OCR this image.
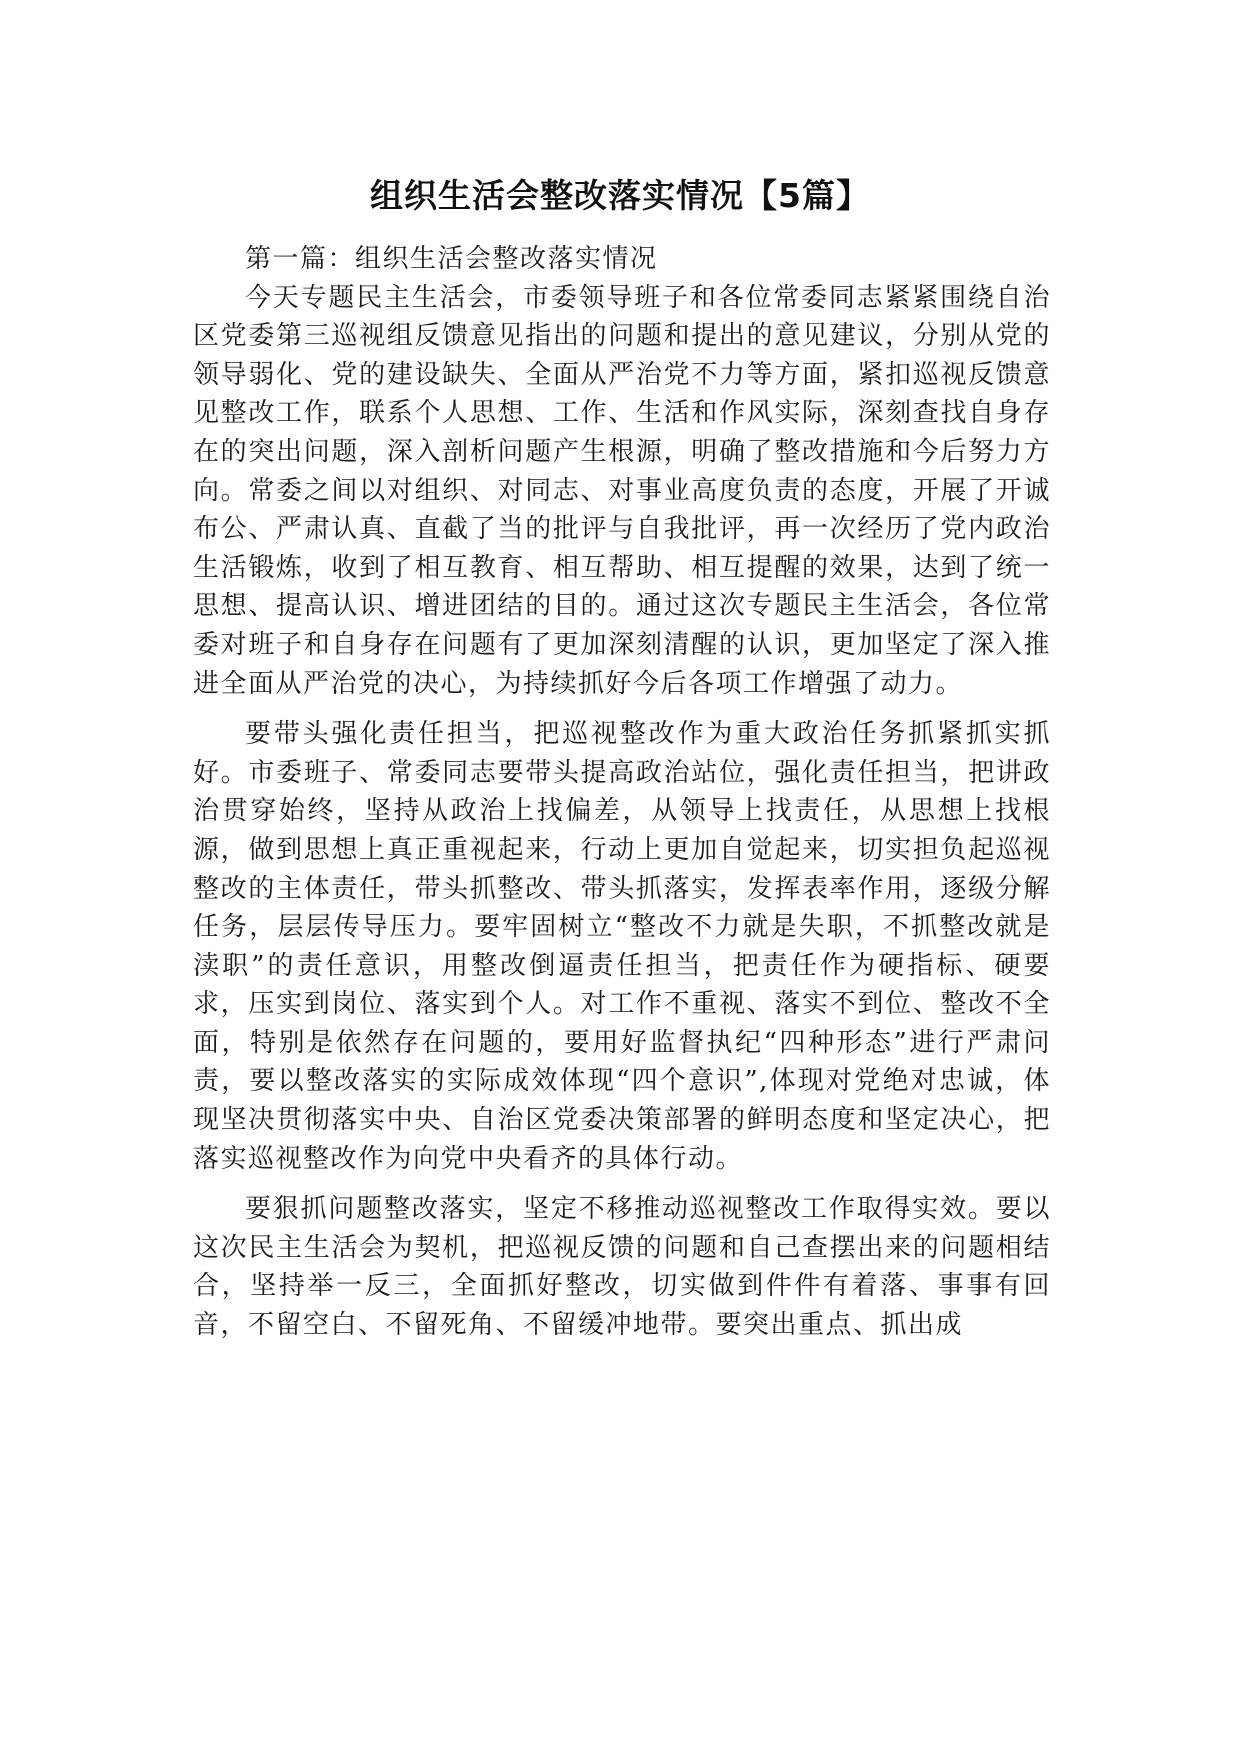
组织生活会整改落实情况【5篇】

第一篇：组织生活会整改落实情况

今天专题民主生活会，市委领导班子和各位常委同志紧紧围绕自治区党委第三巡视组反馈意见指出的问题和提出的意见建议，分别从党的领导弱化、党的建设缺失、全面从严治党不力等方面，紧扣巡视反馈意见整改工作，联系个人思想、工作、生活和作风实际，深刻查找自身存在的突出问题，深入剖析问题产生根源，明确了整改措施和今后努力方向。常委之间以对组织、对同志、对事业高度负责的态度，开展了开诚布公、严肃认真、直截了当的批评与自我批评，再一次经历了党内政治生活锻炼，收到了相互教育、相互帮助、相互提醒的效果，达到了统一思想、提高认识、增进团结的目的。通过这次专题民主生活会，各位常委对班子和自身存在问题有了更加深刻清醒的认识，更加坚定了深入推进全面从严治党的决心，为持续抓好今后各项工作增强了动力。

要带头强化责任担当，把巡视整改作为重大政治任务抓紧抓实抓好。市委班子、常委同志要带头提高政治站位，强化责任担当，把讲政治贯穿始终，坚持从政治上找偏差，从领导上找责任，从思想上找根源，做到思想上真正重视起来，行动上更加自觉起来，切实担负起巡视整改的主体责任，带头抓整改、带头抓落实，发挥表率作用，逐级分解任务，层层传导压力。要牢固树立“整改不力就是失职，不抓整改就是渎职”的责任意识，用整改倒逼责任担当，把责任作为硬指标、硬要求，压实到岗位、落实到个人。对工作不重视、落实不到位、整改不全面，特别是依然存在问题的，要用好监督执纪“四种形态”进行严肃问责，要以整改落实的实际成效体现“四个意识”,体现对党绝对忠诚，体现坚决贯彻落实中央、自治区党委决策部署的鲜明态度和坚定决心，把落实巡视整改作为向党中央看齐的具体行动。

要狠抓问题整改落实，坚定不移推动巡视整改工作取得实效。要以这次民主生活会为契机，把巡视反馈的问题和自己查摆出来的问题相结合，坚持举一反三，全面抓好整改，切实做到件件有着落、事事有回音，不留空白、不留死角、不留缓冲地带。要突出重点、抓出成
